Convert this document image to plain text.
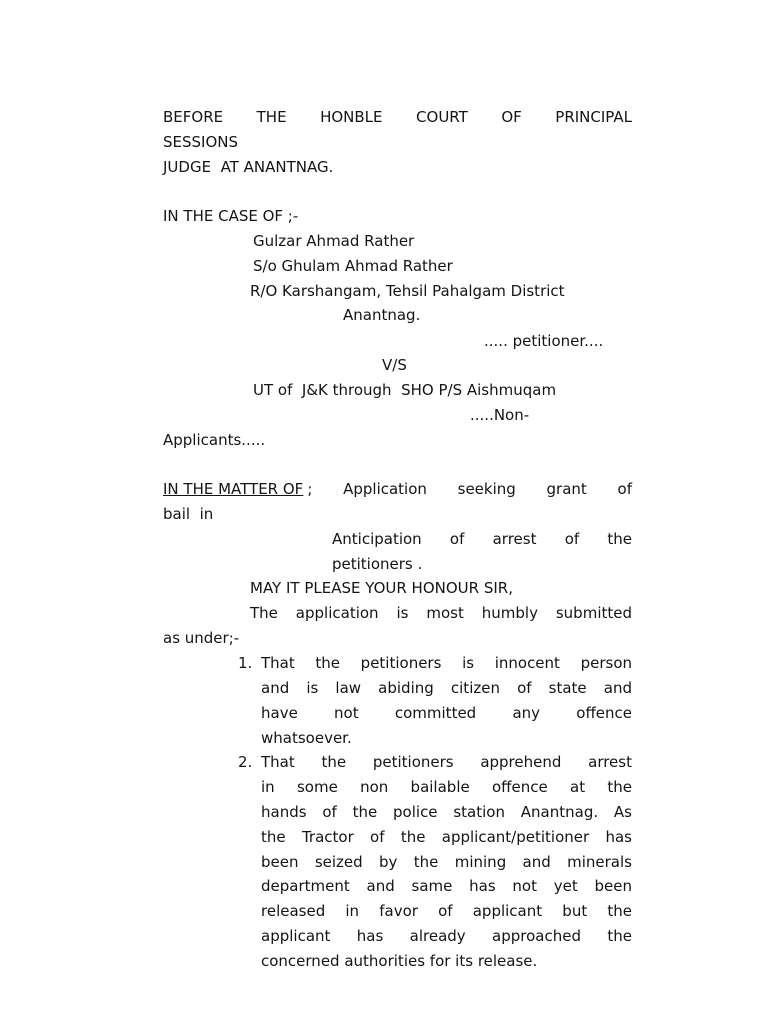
BEFORE THE HONBLE COURT OF PRINCIPAL
SESSIONS
JUDGE  AT ANANTNAG.
IN THE CASE OF ;-
Gulzar Ahmad Rather
S/o Ghulam Ahmad Rather
R/O Karshangam, Tehsil Pahalgam District
Anantnag.
..... petitioner....
V/S
UT of  J&K through  SHO P/S Aishmuqam
.....Non-
Applicants.....
IN THE MATTER OF ; Application seeking grant of
bail  in
Anticipation of arrest of the
petitioners .
MAY IT PLEASE YOUR HONOUR SIR,
The application is most humbly submitted
as under;-
1. That the petitioners is innocent person
and is law abiding citizen of state and
have not committed any offence
whatsoever.
2. That the petitioners apprehend arrest
in some non bailable offence at the
hands of the police station Anantnag. As
the Tractor of the applicant/petitioner has
been seized by the mining and minerals
department and same has not yet been
released in favor of applicant but the
applicant has already approached the
concerned authorities for its release.
